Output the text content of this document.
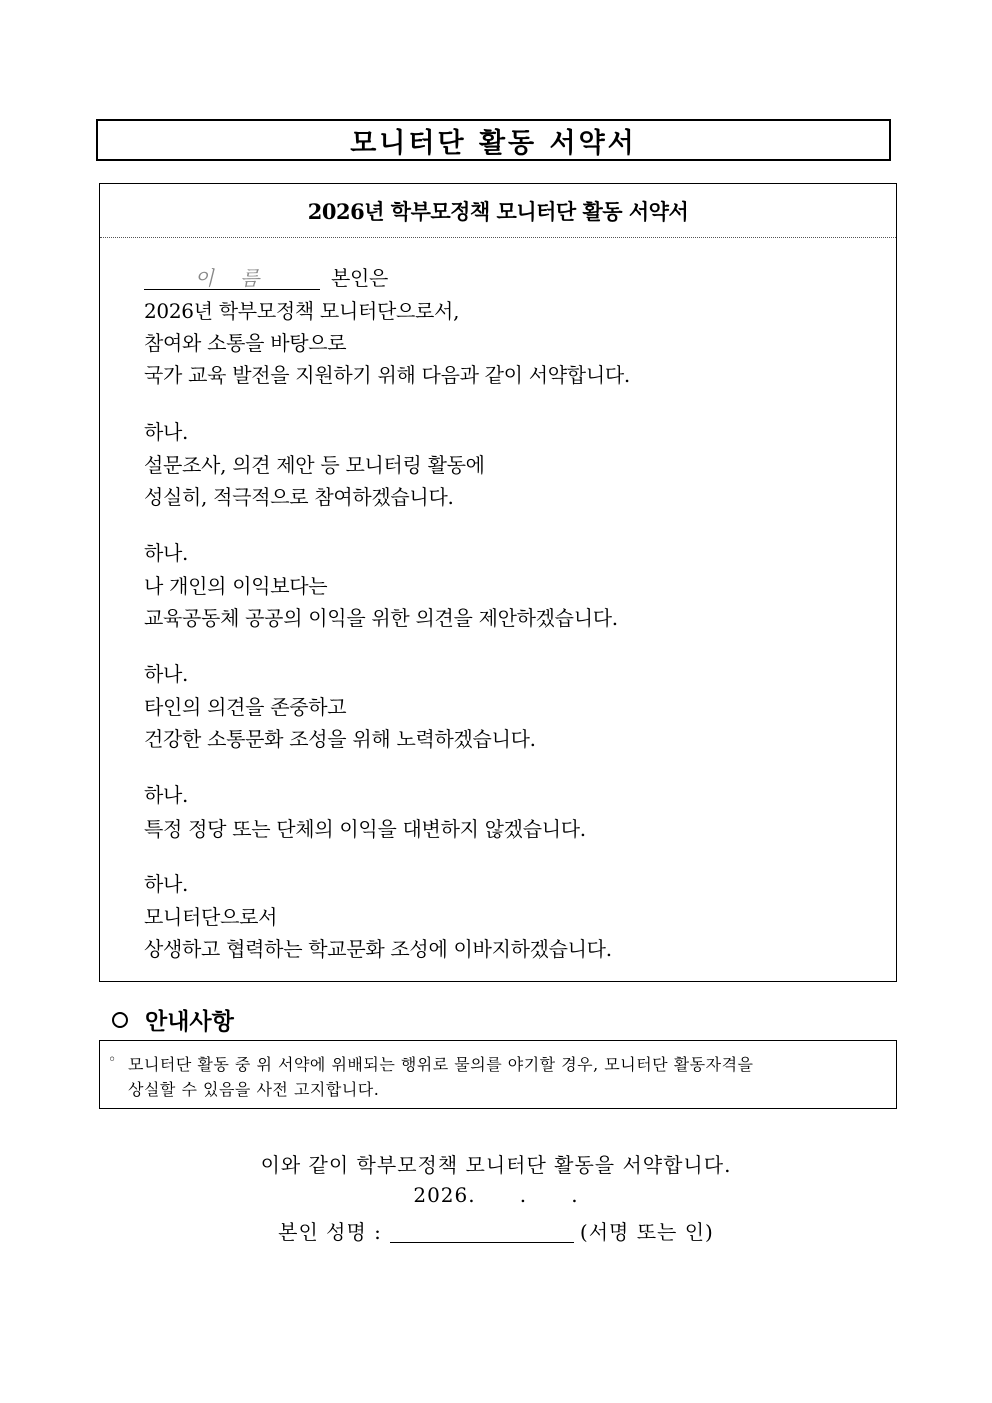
모니터단 활동 서약서
2026년 학부모정책 모니터단 활동 서약서
이 름	본인은
2026년 학부모정책 모니터단으로서,
참여와 소통을 바탕으로
국가 교육 발전을 지원하기 위해 다음과 같이 서약합니다.
하나.
설문조사, 의견 제안 등 모니터링 활동에
성실히, 적극적으로 참여하겠습니다.
하나.
나 개인의 이익보다는
교육공동체 공공의 이익을 위한 의견을 제안하겠습니다.
하나.
타인의 의견을 존중하고
건강한 소통문화 조성을 위해 노력하겠습니다.
하나.
특정 정당 또는 단체의 이익을 대변하지 않겠습니다.
하나.
모니터단으로서
상생하고 협력하는 학교문화 조성에 이바지하겠습니다.
안내사항
◦ 모니터단 활동 중 위 서약에 위배되는 행위로 물의를 야기할 경우, 모니터단 활동자격을
상실할 수 있음을 사전 고지합니다.
이와 같이 학부모정책 모니터단 활동을 서약합니다.
2026.      .      .
본인 성명 :	(서명 또는 인)
